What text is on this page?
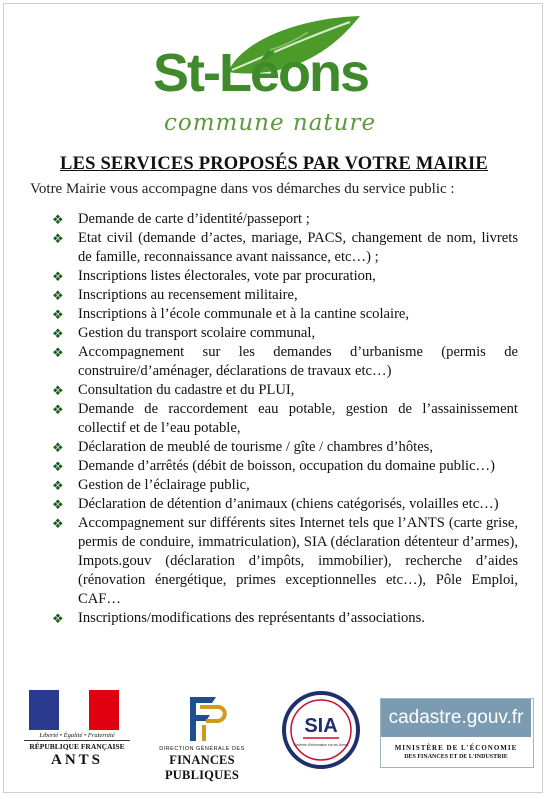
St-Léons
commune nature
LES SERVICES PROPOSÉS PAR VOTRE MAIRIE
Votre Mairie vous accompagne dans vos démarches du service public :
❖ Demande de carte d’identité/passeport ;
❖ Etat civil (demande d’actes, mariage, PACS, changement de nom, livrets de famille, reconnaissance avant naissance, etc…) ;
❖ Inscriptions listes électorales, vote par procuration,
❖ Inscriptions au recensement militaire,
❖ Inscriptions à l’école communale et à la cantine scolaire,
❖ Gestion du transport scolaire communal,
❖ Accompagnement sur les demandes d’urbanisme (permis de construire/d’aménager, déclarations de travaux etc…)
❖ Consultation du cadastre et du PLUI,
❖ Demande de raccordement eau potable, gestion de l’assainissement collectif et de l’eau potable,
❖ Déclaration de meublé de tourisme / gîte / chambres d’hôtes,
❖ Demande d’arrêtés (débit de boisson, occupation du domaine public…)
❖ Gestion de l’éclairage public,
❖ Déclaration de détention d’animaux (chiens catégorisés, volailles etc…)
❖ Accompagnement sur différents sites Internet tels que l’ANTS (carte grise, permis de conduire, immatriculation), SIA (déclaration détenteur d’armes), Impots.gouv (déclaration d’impôts, immobilier), recherche d’aides (rénovation énergétique, primes exceptionnelles etc…), Pôle Emploi, CAF…
❖ Inscriptions/modifications des représentants d’associations.
Liberté • Égalité • Fraternité
RÉPUBLIQUE FRANÇAISE
ANTS
DIRECTION GÉNÉRALE DES
FINANCES PUBLIQUES
SIA
Système d'Information sur les Armes
cadastre.gouv.fr
MINISTÈRE DE L'ÉCONOMIE
DES FINANCES ET DE L'INDUSTRIE
